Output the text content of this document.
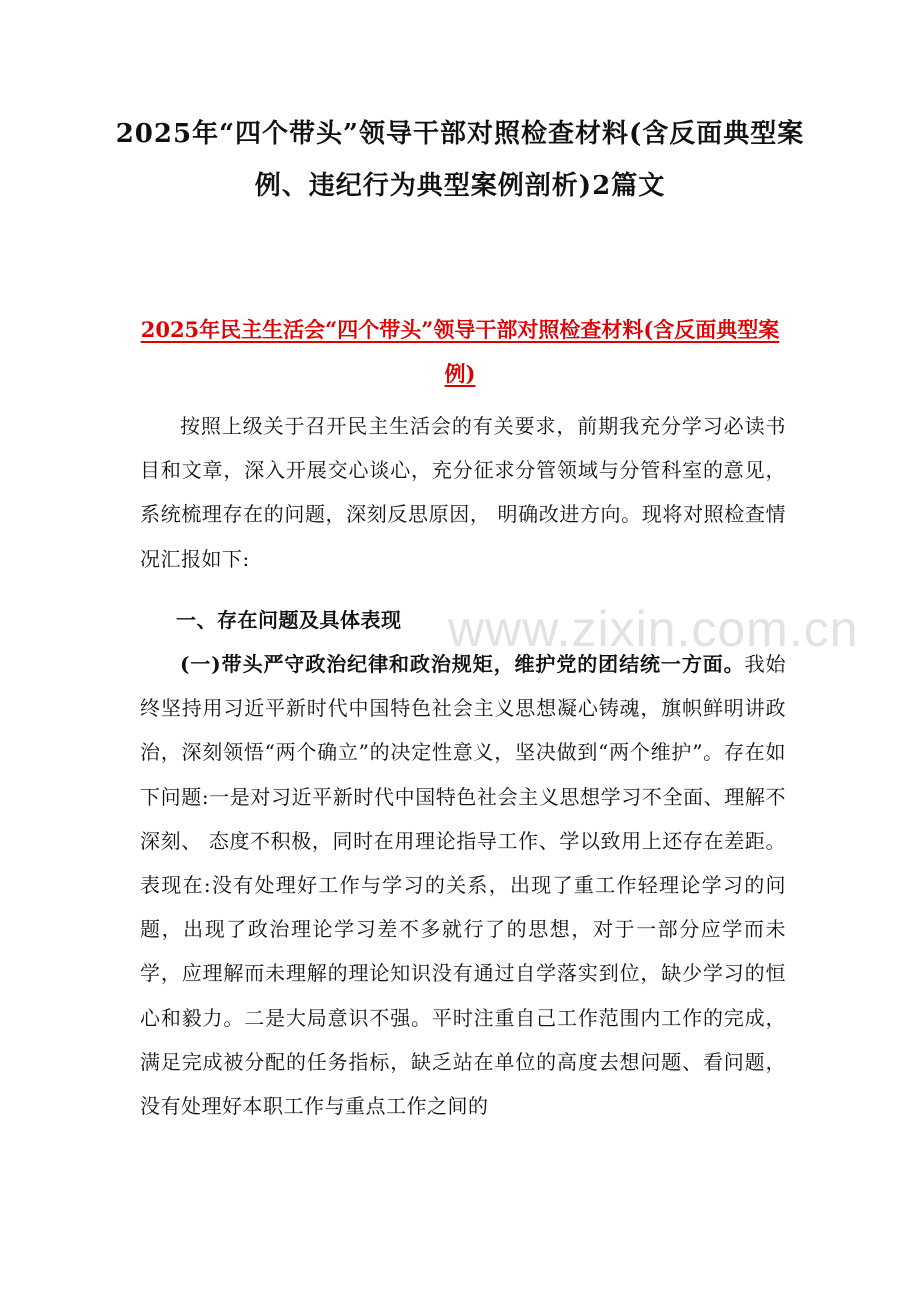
2025年“四个带头”领导干部对照检查材料(含反面典型案例、违纪行为典型案例剖析)2篇文
2025年民主生活会“四个带头”领导干部对照检查材料(含反面典型案例)

按照上级关于召开民主生活会的有关要求，前期我充分学习必读书目和文章，深入开展交心谈心，充分征求分管领域与分管科室的意见，系统梳理存在的问题，深刻反思原因， 明确改进方向。现将对照检查情况汇报如下:

一、存在问题及具体表现

(一)带头严守政治纪律和政治规矩，维护党的团结统一方面。我始终坚持用习近平新时代中国特色社会主义思想凝心铸魂，旗帜鲜明讲政治，深刻领悟“两个确立”的决定性意义，坚决做到“两个维护”。存在如下问题:一是对习近平新时代中国特色社会主义思想学习不全面、理解不深刻、 态度不积极，同时在用理论指导工作、学以致用上还存在差距。表现在:没有处理好工作与学习的关系，出现了重工作轻理论学习的问题，出现了政治理论学习差不多就行了的思想，对于一部分应学而未学，应理解而未理解的理论知识没有通过自学落实到位，缺少学习的恒心和毅力。二是大局意识不强。平时注重自己工作范围内工作的完成，满足完成被分配的任务指标，缺乏站在单位的高度去想问题、看问题， 没有处理好本职工作与重点工作之间的

www.zixin.com.cn
